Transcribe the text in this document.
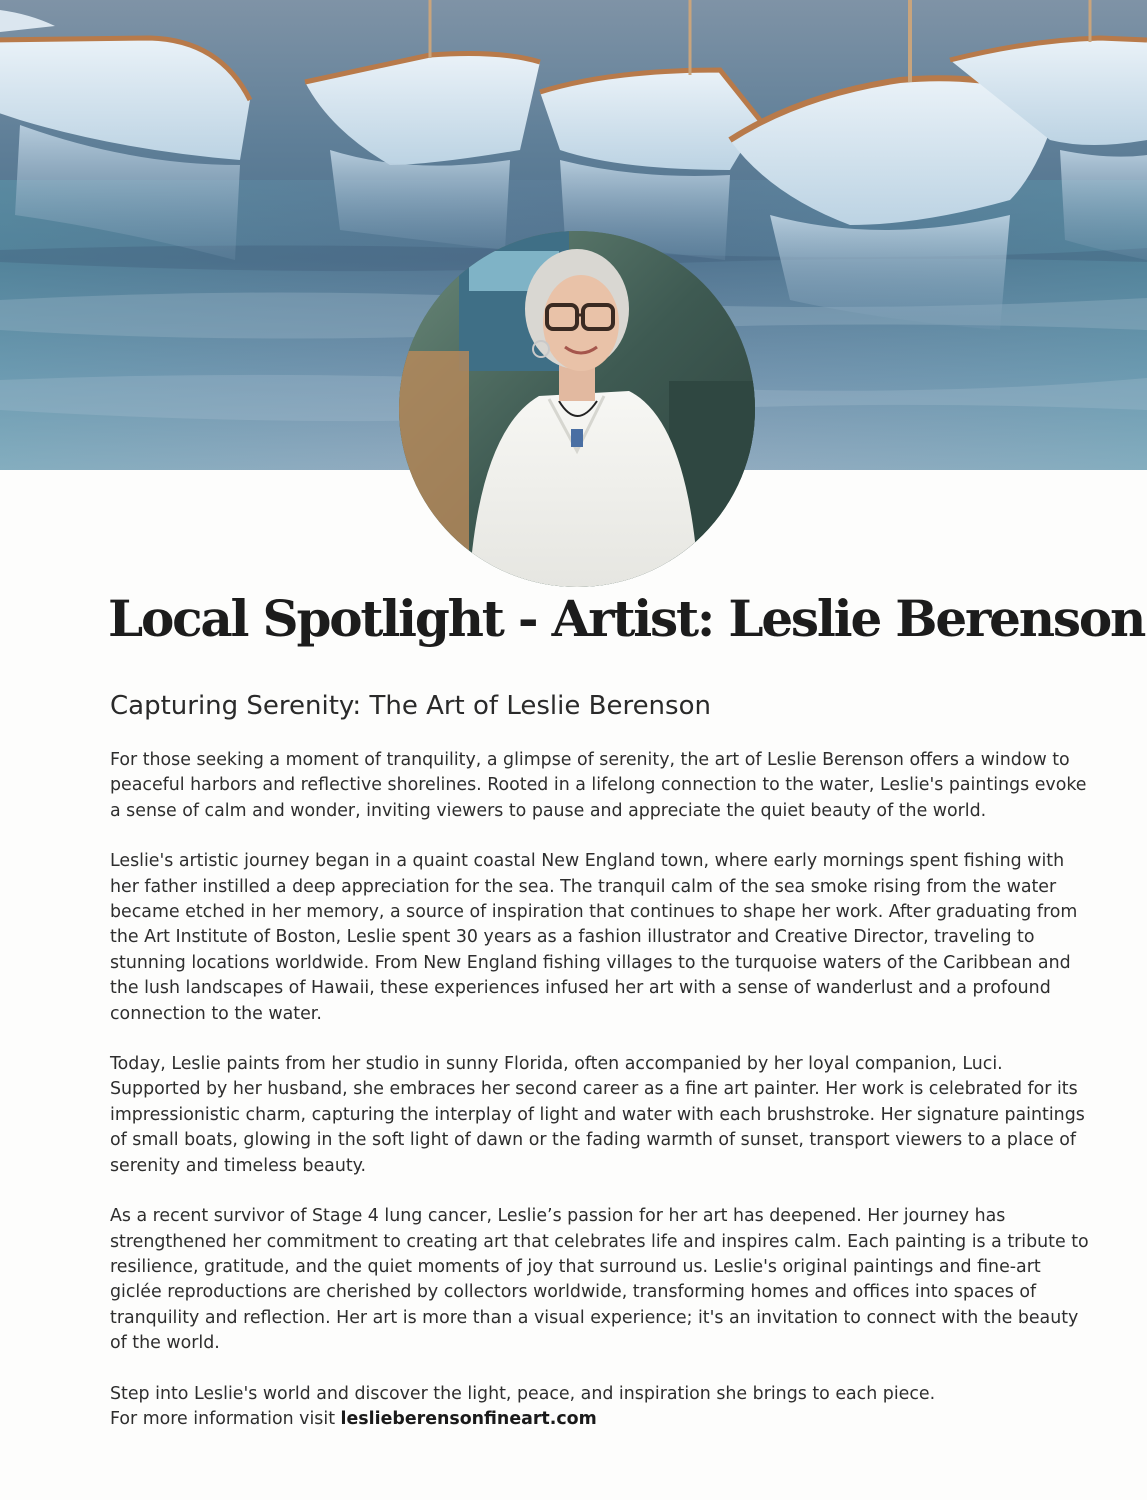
Local Spotlight - Artist: Leslie Berenson
Capturing Serenity: The Art of Leslie Berenson

For those seeking a moment of tranquility, a glimpse of serenity, the art of Leslie Berenson offers a window to peaceful harbors and reflective shorelines. Rooted in a lifelong connection to the water, Leslie's paintings evoke a sense of calm and wonder, inviting viewers to pause and appreciate the quiet beauty of the world.

Leslie's artistic journey began in a quaint coastal New England town, where early mornings spent fishing with her father instilled a deep appreciation for the sea. The tranquil calm of the sea smoke rising from the water became etched in her memory, a source of inspiration that continues to shape her work. After graduating from the Art Institute of Boston, Leslie spent 30 years as a fashion illustrator and Creative Director, traveling to stunning locations worldwide. From New England fishing villages to the turquoise waters of the Caribbean and the lush landscapes of Hawaii, these experiences infused her art with a sense of wanderlust and a profound connection to the water.

Today, Leslie paints from her studio in sunny Florida, often accompanied by her loyal companion, Luci. Supported by her husband, she embraces her second career as a fine art painter. Her work is celebrated for its impressionistic charm, capturing the interplay of light and water with each brushstroke. Her signature paintings of small boats, glowing in the soft light of dawn or the fading warmth of sunset, transport viewers to a place of serenity and timeless beauty.

As a recent survivor of Stage 4 lung cancer, Leslie’s passion for her art has deepened. Her journey has strengthened her commitment to creating art that celebrates life and inspires calm. Each painting is a tribute to resilience, gratitude, and the quiet moments of joy that surround us. Leslie's original paintings and fine-art giclée reproductions are cherished by collectors worldwide, transforming homes and offices into spaces of tranquility and reflection. Her art is more than a visual experience; it's an invitation to connect with the beauty of the world.

Step into Leslie's world and discover the light, peace, and inspiration she brings to each piece.
For more information visit leslieberensonfineart.com
